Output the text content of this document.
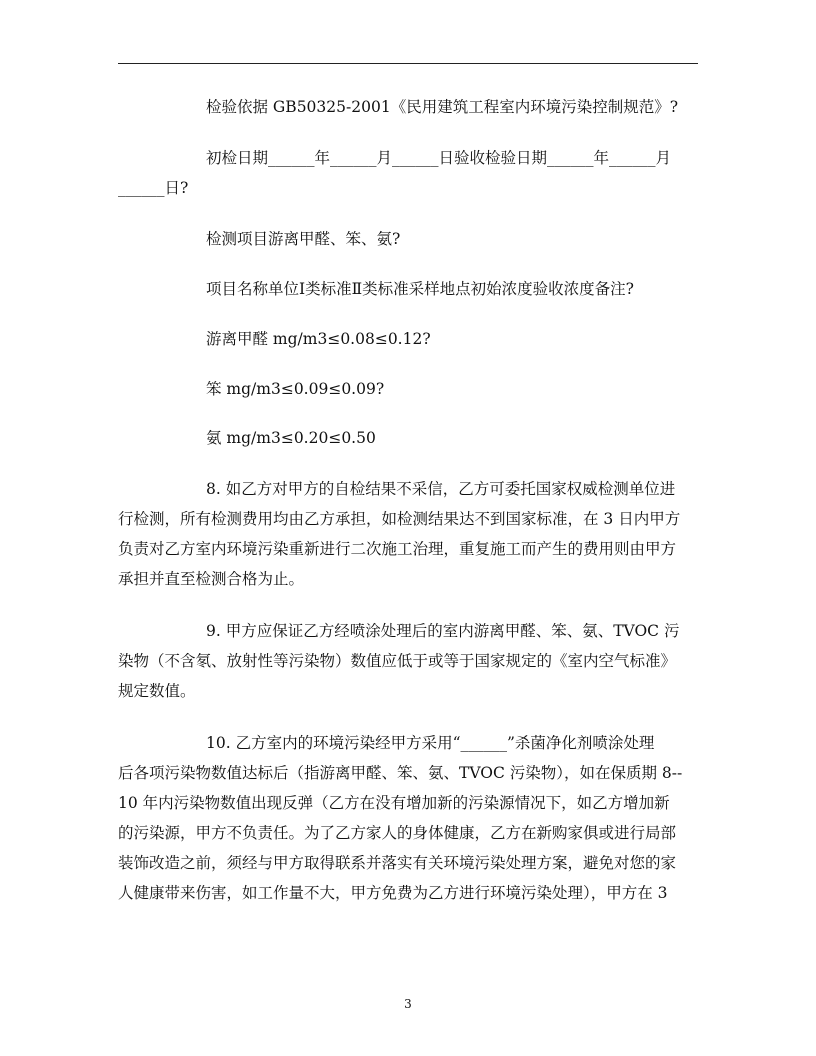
检验依据 GB50325-2001《民用建筑工程室内环境污染控制规范》?
初检日期______年______月______日验收检验日期______年______月
______日?
检测项目游离甲醛、笨、氨?
项目名称单位Ⅰ类标准Ⅱ类标准采样地点初始浓度验收浓度备注?
游离甲醛 mg/m3≤0.08≤0.12?
笨 mg/m3≤0.09≤0.09?
氨 mg/m3≤0.20≤0.50
8. 如乙方对甲方的自检结果不采信，乙方可委托国家权威检测单位进
行检测，所有检测费用均由乙方承担，如检测结果达不到国家标准，在 3 日内甲方
负责对乙方室内环境污染重新进行二次施工治理，重复施工而产生的费用则由甲方
承担并直至检测合格为止。
9. 甲方应保证乙方经喷涂处理后的室内游离甲醛、笨、氨、TVOC 污
染物（不含氡、放射性等污染物）数值应低于或等于国家规定的《室内空气标准》
规定数值。
10. 乙方室内的环境污染经甲方采用“______”杀菌净化剂喷涂处理
后各项污染物数值达标后（指游离甲醛、笨、氨、TVOC 污染物），如在保质期 8--
10 年内污染物数值出现反弹（乙方在没有增加新的污染源情况下，如乙方增加新
的污染源，甲方不负责任。为了乙方家人的身体健康，乙方在新购家俱或进行局部
装饰改造之前，须经与甲方取得联系并落实有关环境污染处理方案，避免对您的家
人健康带来伤害，如工作量不大，甲方免费为乙方进行环境污染处理），甲方在 3
3
